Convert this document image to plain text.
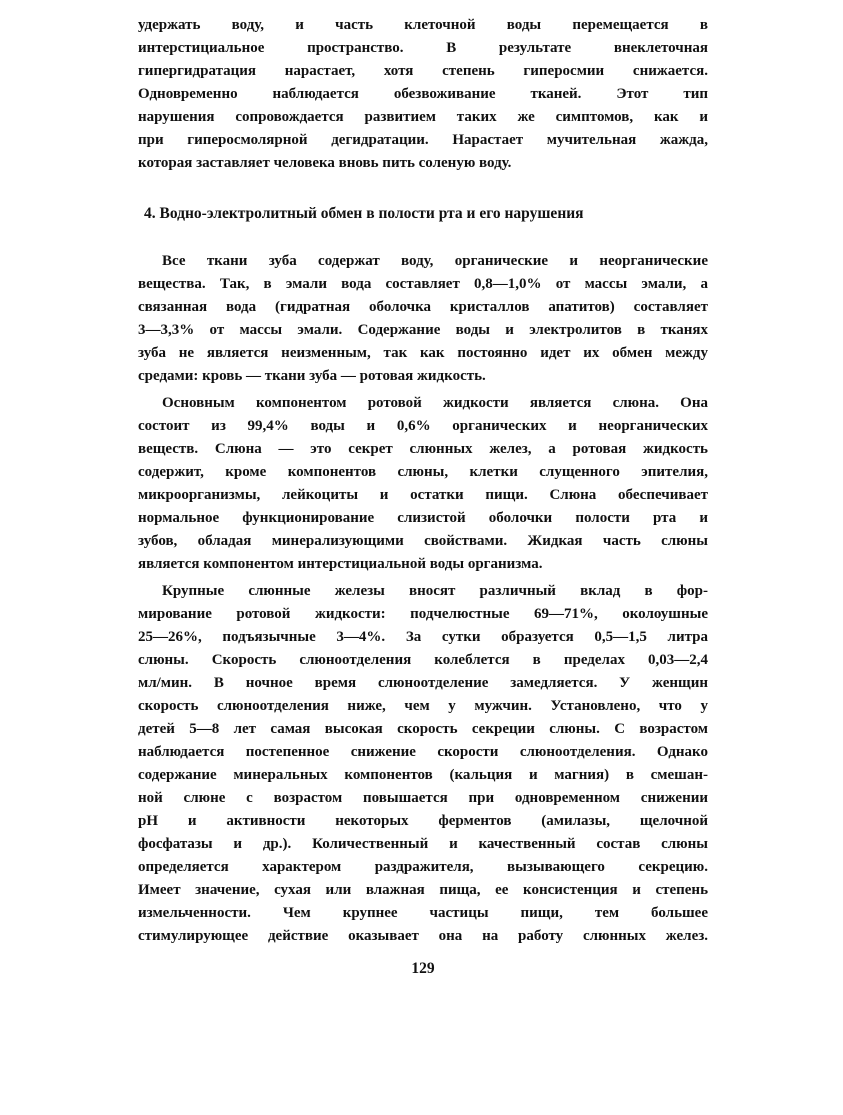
удержать воду, и часть клеточной воды перемещается в
интерстициальное пространство. В результате внеклеточная
гипергидратация нарастает, хотя степень гиперосмии снижается.
Одновременно наблюдается обезвоживание тканей. Этот тип
нарушения сопровождается развитием таких же симптомов, как и
при гиперосмолярной дегидратации. Нарастает мучительная жажда,
которая заставляет человека вновь пить соленую воду.
4. Водно-электролитный обмен в полости рта и его нарушения
Все ткани зуба содержат воду, органические и неорганические
вещества. Так, в эмали вода составляет 0,8—1,0% от массы эмали, а
связанная вода (гидратная оболочка кристаллов апатитов) составляет
3—3,3% от массы эмали. Содержание воды и электролитов в тканях
зуба не является неизменным, так как постоянно идет их обмен между
средами: кровь — ткани зуба — ротовая жидкость.
Основным компонентом ротовой жидкости является слюна. Она
состоит из 99,4% воды и 0,6% органических и неорганических
веществ. Слюна — это секрет слюнных желез, а ротовая жидкость
содержит, кроме компонентов слюны, клетки слущенного эпителия,
микроорганизмы, лейкоциты и остатки пищи. Слюна обеспечивает
нормальное функционирование слизистой оболочки полости рта и
зубов, обладая минерализующими свойствами. Жидкая часть слюны
является компонентом интерстициальной воды организма.
Крупные слюнные железы вносят различный вклад в фор-
мирование ротовой жидкости: подчелюстные 69—71%, околоушные
25—26%, подъязычные 3—4%. За сутки образуется 0,5—1,5 литра
слюны. Скорость слюноотделения колеблется в пределах 0,03—2,4
мл/мин. В ночное время слюноотделение замедляется. У женщин
скорость слюноотделения ниже, чем у мужчин. Установлено, что у
детей 5—8 лет самая высокая скорость секреции слюны. С возрастом
наблюдается постепенное снижение скорости слюноотделения. Однако
содержание минеральных компонентов (кальция и магния) в смешан-
ной слюне с возрастом повышается при одновременном снижении
pH и активности некоторых ферментов (амилазы, щелочной
фосфатазы и др.). Количественный и качественный состав слюны
определяется характером раздражителя, вызывающего секрецию.
Имеет значение, сухая или влажная пища, ее консистенция и степень
измельченности. Чем крупнее частицы пищи, тем большее
стимулирующее действие оказывает она на работу слюнных желез.
129
